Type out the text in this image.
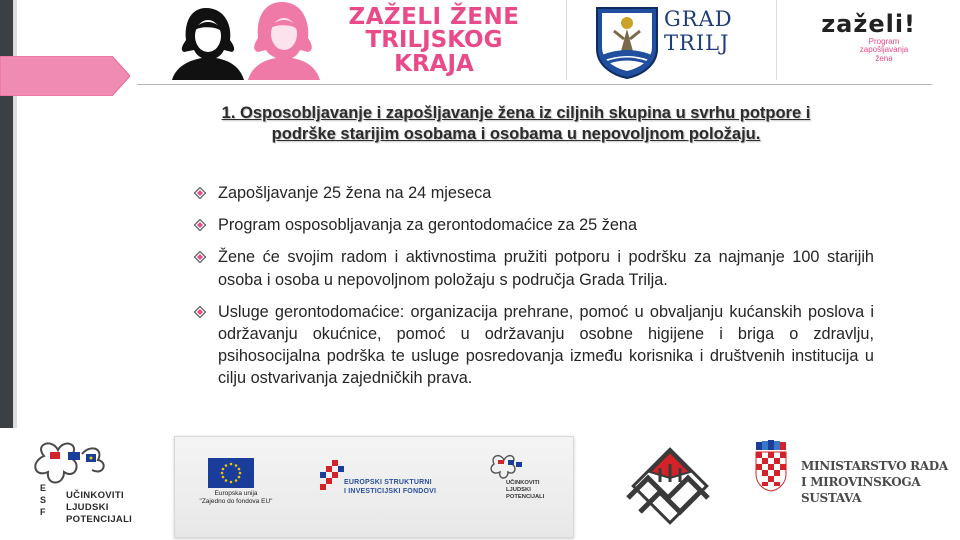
ZAŽELI ŽENE
TRILJSKOG
KRAJA
GRAD
TRILJ
zaželi!
Program
zapošljavanja
žena
1. Osposobljavanje i zapošljavanje žena iz ciljnih skupina u svrhu potpore i
podrške starijim osobama i osobama u nepovoljnom položaju.
Zapošljavanje 25 žena na 24 mjeseca
Program osposobljavanja za gerontodomaćice za 25 žena
Žene će svojim radom i aktivnostima pružiti potporu i podršku za najmanje 100 starijih osoba i osoba u nepovoljnom položaju s područja Grada Trilja.
Usluge gerontodomaćice: organizacija prehrane, pomoć u obvaljanju kućanskih poslova i održavanju okućnice, pomoć u održavanju osobne higijene i briga o zdravlju, psihosocijalna podrška te usluge posredovanja između korisnika i društvenih institucija u cilju ostvarivanja zajedničkih prava.
E
S
F
UČINKOVITI
LJUDSKI
POTENCIJALI
Europska unija
"Zajedno do fondova EU"
EUROPSKI STRUKTURNI
I INVESTICIJSKI FONDOVI
UČINKOVITI
LJUDSKI
POTENCIJALI
MINISTARSTVO RADA
I MIROVINSKOGA SUSTAVA
